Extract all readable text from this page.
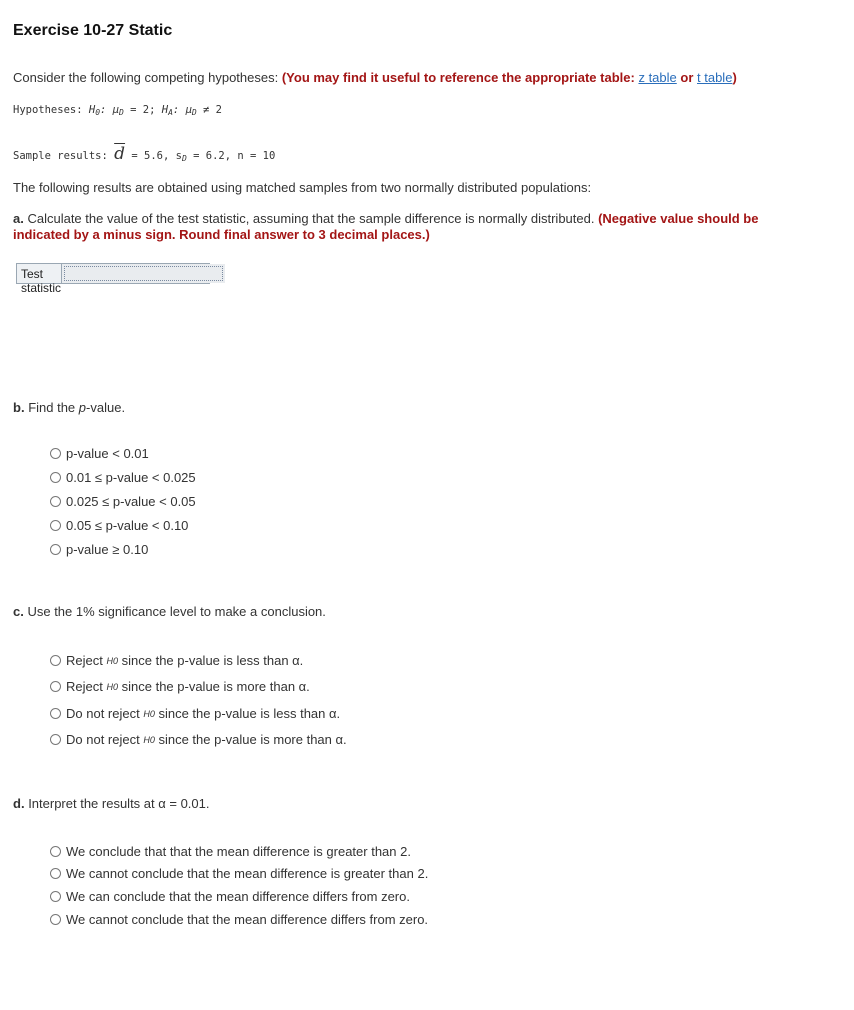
Exercise 10-27 Static
Consider the following competing hypotheses: (You may find it useful to reference the appropriate table: z table or t table)
Hypotheses: $H_0$: $\mu_D = 2$; $H_A$: $\mu_D \ne 2$
Sample results: $\overline{d} = 5.6$, $s_D = 6.2$, n = 10
The following results are obtained using matched samples from two normally distributed populations:
a. Calculate the value of the test statistic, assuming that the sample difference is normally distributed. (Negative value should be
indicated by a minus sign. Round final answer to 3 decimal places.)
Test statistic
b. Find the p-value.
p-value < 0.01
0.01 ≤ p-value < 0.025
0.025 ≤ p-value < 0.05
0.05 ≤ p-value < 0.10
p-value ≥ 0.10
c. Use the 1% significance level to make a conclusion.
Reject
H0
since the p-value is less than α.
Reject
H0
since the p-value is more than α.
Do not reject
H0
since the p-value is less than α.
Do not reject
H0
since the p-value is more than α.
d. Interpret the results at α = 0.01.
We conclude that that the mean difference is greater than 2.
We cannot conclude that the mean difference is greater than 2.
We can conclude that the mean difference differs from zero.
We cannot conclude that the mean difference differs from zero.
